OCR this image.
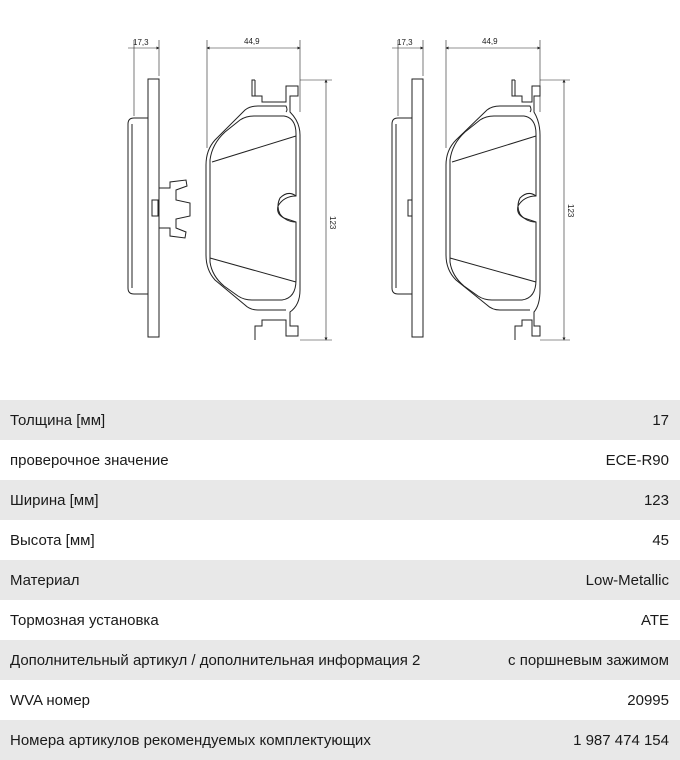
17,3	44,9
123
17,3	44,9
123
Толщина [мм]	17
проверочное значение	ECE-R90
Ширина [мм]	123
Высота [мм]	45
Материал	Low-Metallic
Тормозная установка	ATE
Дополнительный артикул / дополнительная информация 2	с поршневым зажимом
WVA номер	20995
Номера артикулов рекомендуемых комплектующих	1 987 474 154
